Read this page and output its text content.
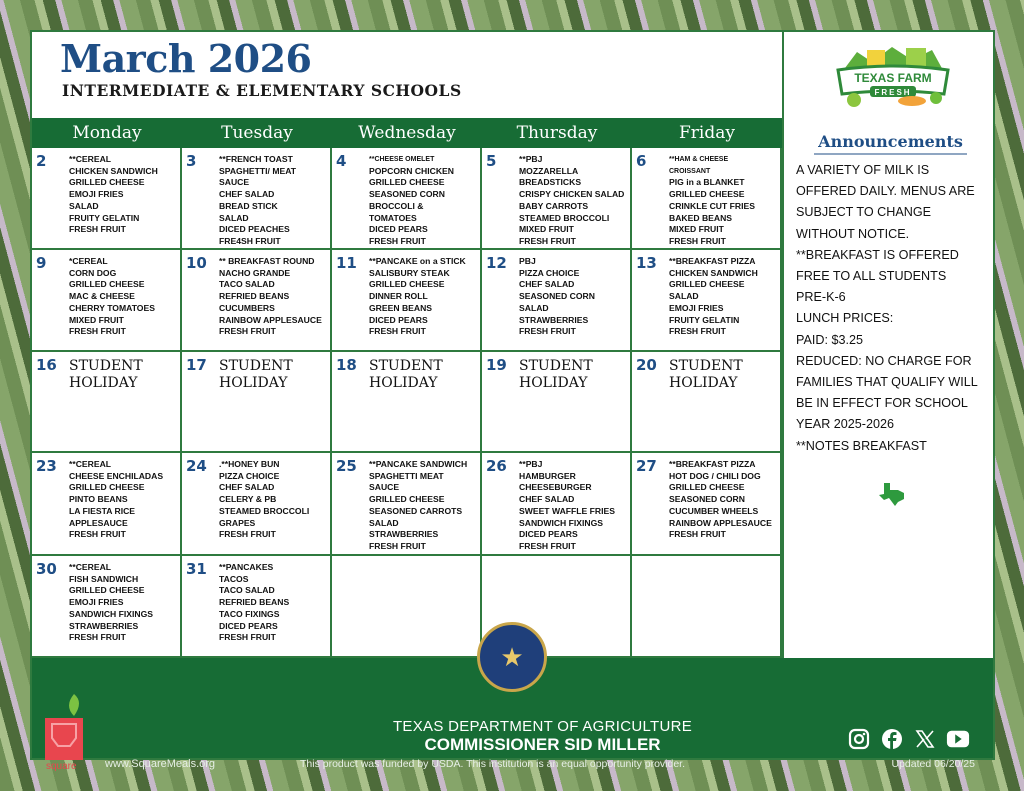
March 2026
INTERMEDIATE & ELEMENTARY SCHOOLS
Monday	Tuesday	Wednesday	Thursday	Friday
2	**CEREAL
CHICKEN SANDWICH
GRILLED CHEESE
EMOJI FRIES
SALAD
FRUITY GELATIN
FRESH FRUIT
3	**FRENCH TOAST
SPAGHETTI/ MEAT
SAUCE
CHEF SALAD
BREAD STICK
SALAD
DICED PEACHES
FRE4SH FRUIT
4	**CHEESE OMELET
POPCORN CHICKEN
GRILLED CHEESE
SEASONED CORN
BROCCOLI &
TOMATOES
DICED PEARS
FRESH FRUIT
5	**PBJ
MOZZARELLA
BREADSTICKS
CRISPY CHICKEN SALAD
BABY CARROTS
STEAMED BROCCOLI
MIXED FRUIT
FRESH FRUIT
6	**HAM & CHEESE
CROISSANT
PIG in a BLANKET
GRILLED CHEESE
CRINKLE CUT FRIES
BAKED BEANS
MIXED FRUIT
FRESH FRUIT
9	*CEREAL
CORN DOG
GRILLED CHEESE
MAC & CHEESE
CHERRY TOMATOES
MIXED FRUIT
FRESH FRUIT
10 ** BREAKFAST ROUND
NACHO GRANDE
TACO SALAD
REFRIED BEANS
CUCUMBERS
RAINBOW APPLESAUCE
FRESH FRUIT
11 **PANCAKE on a STICK
SALISBURY STEAK
GRILLED CHEESE
DINNER ROLL
GREEN BEANS
DICED PEARS
FRESH FRUIT
12 PBJ
PIZZA CHOICE
CHEF SALAD
SEASONED CORN
SALAD
STRAWBERRIES
FRESH FRUIT
13 **BREAKFAST PIZZA
CHICKEN SANDWICH
GRILLED CHEESE
SALAD
EMOJI FRIES
FRUITY GELATIN
FRESH FRUIT
16 STUDENT HOLIDAY
17 STUDENT HOLIDAY
18 STUDENT HOLIDAY
19 STUDENT HOLIDAY
20 STUDENT HOLIDAY
23 **CEREAL
CHEESE ENCHILADAS
GRILLED CHEESE
PINTO BEANS
LA FIESTA RICE
APPLESAUCE
FRESH FRUIT
24 .**HONEY BUN
PIZZA CHOICE
CHEF SALAD
CELERY & PB
STEAMED BROCCOLI
GRAPES
FRESH FRUIT
25 **PANCAKE SANDWICH
SPAGHETTI MEAT
SAUCE
GRILLED CHEESE
SEASONED CARROTS
SALAD
STRAWBERRIES
FRESH FRUIT
26 **PBJ
HAMBURGER
CHEESEBURGER
CHEF SALAD
SWEET WAFFLE FRIES
SANDWICH FIXINGS
DICED PEARS
FRESH FRUIT
27 **BREAKFAST PIZZA
HOT DOG / CHILI DOG
GRILLED CHEESE
SEASONED CORN
CUCUMBER WHEELS
RAINBOW APPLESAUCE
FRESH FRUIT
30 **CEREAL
FISH SANDWICH
GRILLED CHEESE
EMOJI FRIES
SANDWICH FIXINGS
STRAWBERRIES
FRESH FRUIT
31 **PANCAKES
TACOS
TACO SALAD
REFRIED BEANS
TACO FIXINGS
DICED PEARS
FRESH FRUIT
TEXAS FARM
FRESH
Announcements

A VARIETY OF MILK IS OFFERED DAILY. MENUS ARE SUBJECT TO CHANGE WITHOUT NOTICE.

**BREAKFAST IS OFFERED FREE TO ALL STUDENTS

PRE-K-6

LUNCH PRICES:

PAID: $3.25

REDUCED: NO CHARGE FOR FAMILIES THAT QUALIFY WILL BE IN EFFECT FOR SCHOOL YEAR 2025-2026

**NOTES BREAKFAST

square	www.SquareMeals.org
TEXAS DEPARTMENT OF AGRICULTURE
COMMISSIONER SID MILLER
This product was funded by USDA. This institution is an equal opportunity provider.	Updated 06/20/25
★
